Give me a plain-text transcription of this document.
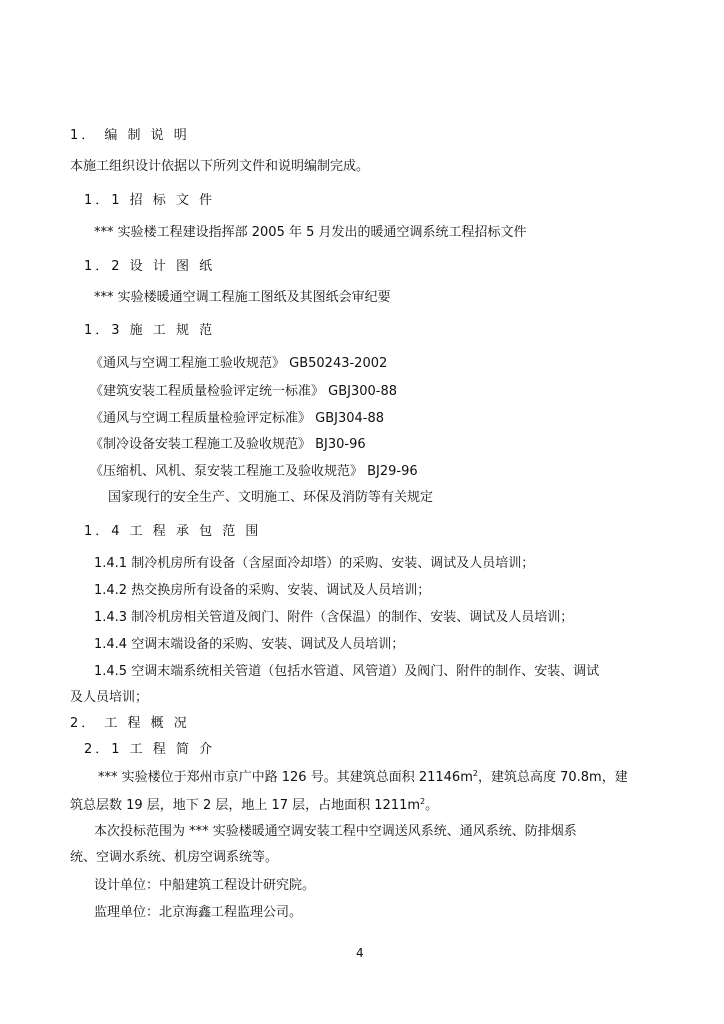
1． 编 制 说 明
本施工组织设计依据以下所列文件和说明编制完成。
1．1 招 标 文 件
*** 实验楼工程建设指挥部 2005 年 5 月发出的暖通空调系统工程招标文件
1．2 设 计 图 纸
*** 实验楼暖通空调工程施工图纸及其图纸会审纪要
1．3 施 工 规 范
《通风与空调工程施工验收规范》 GB50243-2002
《建筑安装工程质量检验评定统一标准》 GBJ300-88
《通风与空调工程质量检验评定标准》 GBJ304-88
《制冷设备安装工程施工及验收规范》 BJ30-96
《压缩机、风机、泵安装工程施工及验收规范》 BJ29-96
国家现行的安全生产、文明施工、环保及消防等有关规定
1．4 工 程 承 包 范 围
1.4.1 制冷机房所有设备（含屋面冷却塔）的采购、安装、调试及人员培训；
1.4.2 热交换房所有设备的采购、安装、调试及人员培训；
1.4.3 制冷机房相关管道及阀门、附件（含保温）的制作、安装、调试及人员培训；
1.4.4 空调末端设备的采购、安装、调试及人员培训；
1.4.5 空调末端系统相关管道（包括水管道、风管道）及阀门、附件的制作、安装、调试
及人员培训；
2． 工 程 概 况
2．1 工 程 简 介
*** 实验楼位于郑州市京广中路 126 号。其建筑总面积 $21146m^2$，建筑总高度 70.8m，建
筑总层数 19 层，地下 2 层，地上 17 层，占地面积 $1211m^2$。
本次投标范围为 *** 实验楼暖通空调安装工程中空调送风系统、通风系统、防排烟系
统、空调水系统、机房空调系统等。
设计单位：中船建筑工程设计研究院。
监理单位：北京海鑫工程监理公司。
4
